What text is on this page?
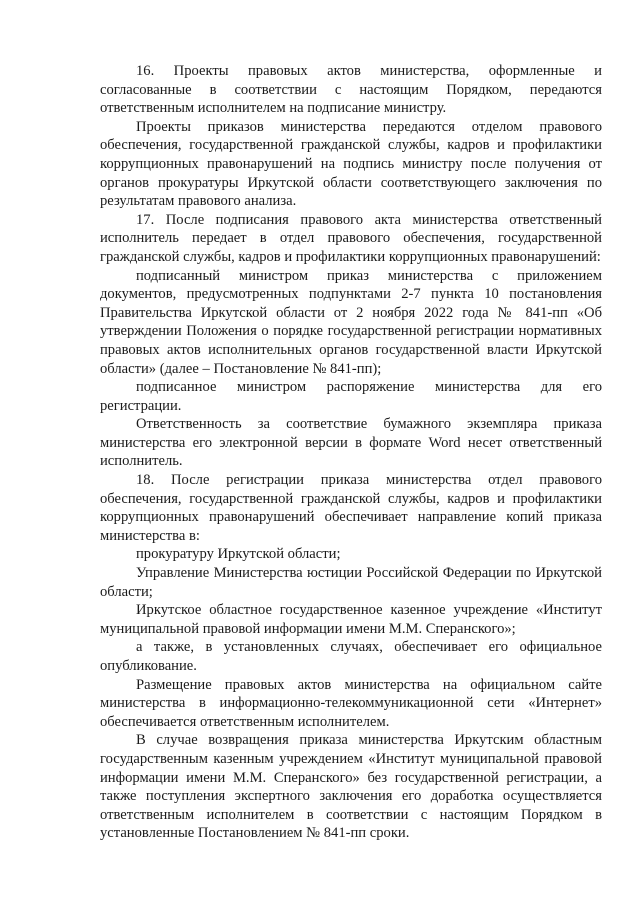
16. Проекты правовых актов министерства, оформленные и согласованные в соответствии с настоящим Порядком, передаются ответственным исполнителем на подписание министру.

Проекты приказов министерства передаются отделом правового обеспечения, государственной гражданской службы, кадров и профилактики коррупционных правонарушений на подпись министру после получения от органов прокуратуры Иркутской области соответствующего заключения по результатам правового анализа.

17. После подписания правового акта министерства ответственный исполнитель передает в отдел правового обеспечения, государственной гражданской службы, кадров и профилактики коррупционных правонарушений:

подписанный министром приказ министерства с приложением документов, предусмотренных подпунктами 2-7 пункта 10 постановления Правительства Иркутской области от 2 ноября 2022 года № 841-пп «Об утверждении Положения о порядке государственной регистрации нормативных правовых актов исполнительных органов государственной власти Иркутской области» (далее – Постановление № 841-пп);

подписанное министром распоряжение министерства для его регистрации.

Ответственность за соответствие бумажного экземпляра приказа министерства его электронной версии в формате Word несет ответственный исполнитель.

18. После регистрации приказа министерства отдел правового обеспечения, государственной гражданской службы, кадров и профилактики коррупционных правонарушений обеспечивает направление копий приказа министерства в:

прокуратуру Иркутской области;

Управление Министерства юстиции Российской Федерации по Иркутской области;

Иркутское областное государственное казенное учреждение «Институт муниципальной правовой информации имени М.М. Сперанского»;

а также, в установленных случаях, обеспечивает его официальное опубликование.

Размещение правовых актов министерства на официальном сайте министерства в информационно-телекоммуникационной сети «Интернет» обеспечивается ответственным исполнителем.

В случае возвращения приказа министерства Иркутским областным государственным казенным учреждением «Институт муниципальной правовой информации имени М.М. Сперанского» без государственной регистрации, а также поступления экспертного заключения его доработка осуществляется ответственным исполнителем в соответствии с настоящим Порядком в установленные Постановлением № 841-пп сроки.
